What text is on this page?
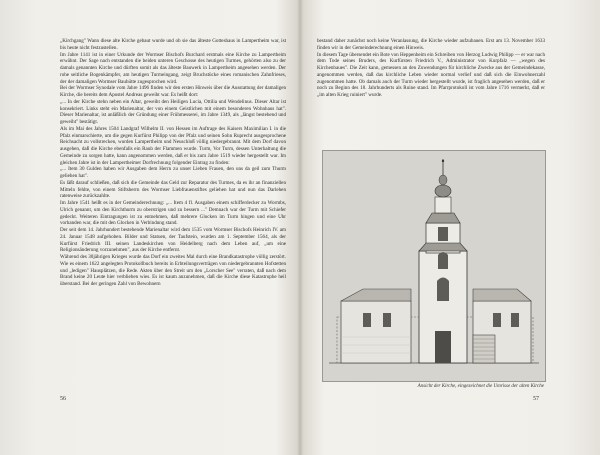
„Kirchgang" Wann diese alte Kirche gebaut wurde und ob sie das älteste Gotteshaus in Lampertheim war, ist bis heute nicht festzustellen.

Im Jahre 1141 ist in einer Urkunde der Wormser Bischofs Burchard erstmals eine Kirche zu Lampertheim erwähnt. Der Sage nach entstanden die beiden unteren Geschosse des heutigen Turmes, gehörten also zu der damals genannten Kirche und dürften somit als das älteste Bauwerk in Lampertheim angesehen werden. Der rohe seitliche Bogenkämpfer, am heutigen Turmeingang, zeigt Bruchstücke eines romanischen Zahnfrieses, der der damaligen Wormser Bauhütte zugesprochen wird.

Bei der Wormser Synodale vom Jahre 1496 finden wir den ersten Hinweis über die Ausstattung der damaligen Kirche, die bereits dem Apostel Andreas geweiht war. Es heißt dort:

„... In der Kirche stehn neben ein Altar, geweiht den Heiligen Lucia, Ottilia und Wendelinus. Dieser Altar ist konsekriert. Links steht ein Marienaltar, der von einem Geistlichen mit einem besonderen Wohnhaus hat". Dieser Marienaltar, ist anläßlich der Gründung einer Frühmesserei, im Jahre 1349, als „längst bestehend und geweiht" bestätigt.

Als im Mai des Jahres 1504 Landgraf Wilhelm II. von Hessen im Auftrage des Kaisers Maximilian I. in die Pfalz einmarschierte, um die gegen Kurfürst Philipp von der Pfalz und seinen Sohn Ruprecht ausgesprochene Reichsacht zu vollstrecken, wurden Lampertheim und Neuschloß völlig niedergebrannt. Mit dem Dorf davon ausgehen, daß die Kirche ebenfalls ein Raub der Flammen wurde. Turm, Vor Turm, dessen Unterhaltung die Gemeinde zu sorgen hatte, kann angenommen werden, daß er bis zum Jahre 1519 wieder hergestellt war. Im gleichen Jahre ist in der Lampertheimer Dorfrechnung folgender Eintrag zu finden:

„... Item 30 Gulden haben wir Ausgaben dem Herrn zu unser Lieben Frauen, den uns da geil zum Thurm geliehen hat".

Es läßt darauf schließen, daß sich die Gemeinde das Geld zur Reparatur des Turmes, da es ihr an finanziellen Mitteln fehlte, von einem Stiftsherrn des Wormser Liebfrauenstiftes geliehen hat und nun das Darlehen ratenweise zurückzahlte.

Im Jahre 1541 heißt es in der Gemeinderechnung: „... Item 4 fl. Ausgaben einem schifferdecker zu Wormbs, Ulrich genannt, um den Kirchthurm zu oberstrigen und zu bessern ..." Demnach war der Turm mit Schiefer gedeckt. Weiteren Eintragungen ist zu entnehmen, daß mehrere Glocken im Turm hingen und eine Uhr vorhanden war, die mit den Glocken in Verbindung stand.

Der seit dem 14. Jahrhundert bestehende Marienaltar wird dem 1535 vom Wormser Bischofs Heinrich IV. am 24. Januar 1548 aufgehoben. Bilder und Statuen, der Taufstein, wurden am 1. September 1564, als der Kurfürst Friedrich III. seinen Landeskirchen von Heidelberg nach dem Leben auf, „um eine Religionsänderung vorzunehmen", aus der Kirche entfernt.

Während des 30jährigen Krieges wurde das Dorf ein zweites Mal durch eine Brandkatastrophe völlig zerstört. Wie es einem 1622 angelegten Protokollbuch bereits in Erbteilungsverträgen von niedergebrannten Hofstetten und „ledigen" Hausplätzen, die Rede. Akten über den Streit um den „Lorscher See" verraten, daß nach dem Brand keine 20 Leute hier verblieben wies. Es ist kaum anzunehmen, daß die Kirche diese Katastrophe heil überstand. Bei der geringen Zahl von Bewohnern

56

bestand daher zunächst noch keine Veranlassung, die Kirche wieder aufzubauen. Erst am 13. November 1633 finden wir in der Gemeinderechnung einen Hinweis.

In diesem Tage übersendet ein Bote von Heppenheim ein Schreiben von Herzog Ludwig Philipp — er war nach dem Tode seines Bruders, des Kurfürsten Friedrich V., Administrator von Kurpfalz — „wegen des Kirchenbaues". Die Zeit kann, gemessen an den Zuwendungen für kirchliche Zwecke aus der Gemeindekasse, angenommen werden, daß das kirchliche Leben wieder normal verlief und daß sich die Einwohnerzahl zugenommen hatte. Ob damals auch der Turm wieder hergestellt wurde, ist fraglich angesehen werden, daß er noch zu Beginn des 18. Jahrhunderts als Ruine stand. Im Pfarrprotokoll ist vom Jahre 1716 vermerkt, daß er „im alten Krieg ruiniert" wurde.

Ansicht der Kirche, eingezeichnet die Umrisse der alten Kirche
57
